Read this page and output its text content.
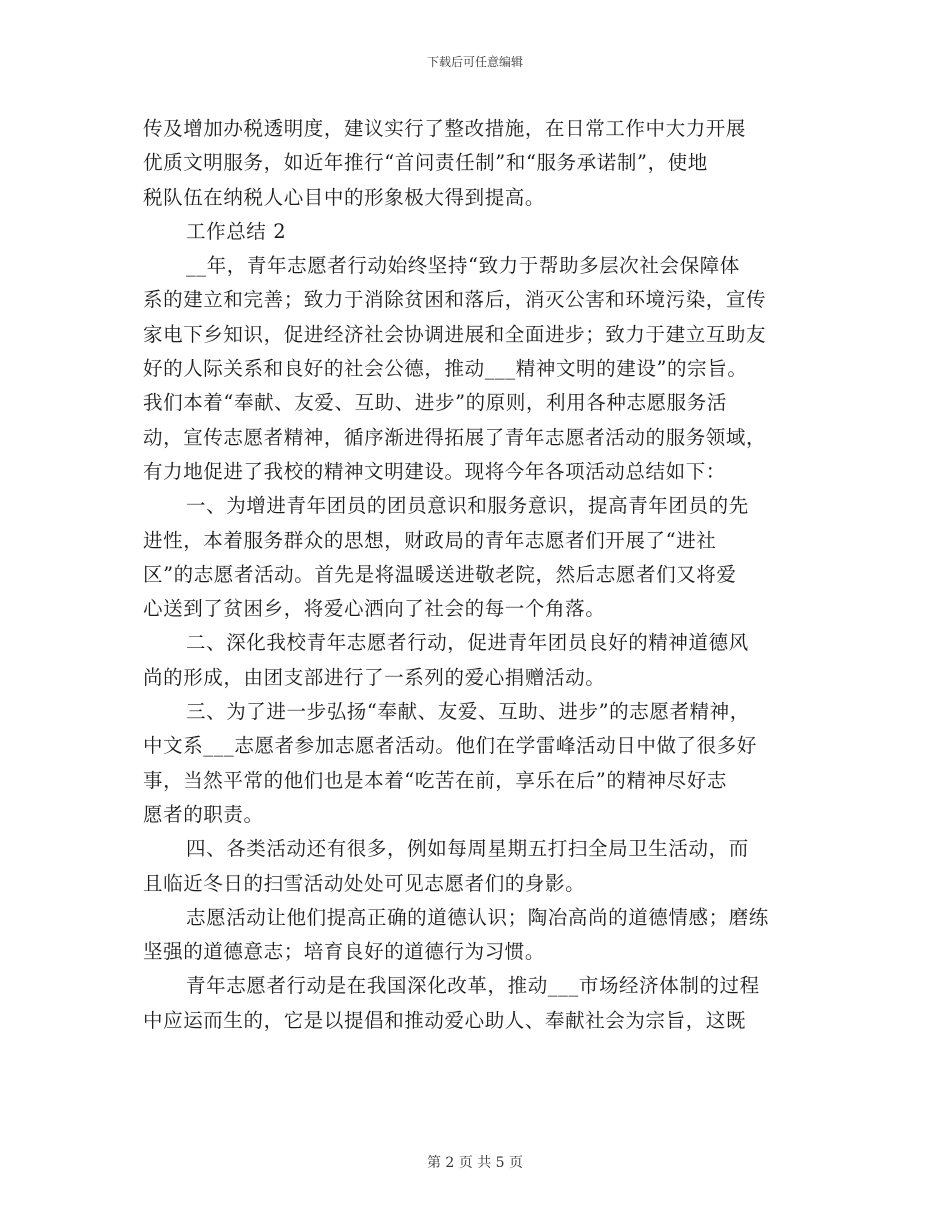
下载后可任意编辑
传及增加办税透明度，建议实行了整改措施，在日常工作中大力开展
优质文明服务，如近年推行“首问责任制”和“服务承诺制”，使地
税队伍在纳税人心目中的形象极大得到提高。
工作总结 2
__年，青年志愿者行动始终坚持“致力于帮助多层次社会保障体
系的建立和完善；致力于消除贫困和落后，消灭公害和环境污染，宣传
家电下乡知识，促进经济社会协调进展和全面进步；致力于建立互助友
好的人际关系和良好的社会公德，推动___精神文明的建设”的宗旨。
我们本着“奉献、友爱、互助、进步”的原则，利用各种志愿服务活
动，宣传志愿者精神，循序渐进得拓展了青年志愿者活动的服务领域，
有力地促进了我校的精神文明建设。现将今年各项活动总结如下：
一、为增进青年团员的团员意识和服务意识，提高青年团员的先
进性，本着服务群众的思想，财政局的青年志愿者们开展了“进社
区”的志愿者活动。首先是将温暖送进敬老院，然后志愿者们又将爱
心送到了贫困乡，将爱心洒向了社会的每一个角落。
二、深化我校青年志愿者行动，促进青年团员良好的精神道德风
尚的形成，由团支部进行了一系列的爱心捐赠活动。
三、为了进一步弘扬“奉献、友爱、互助、进步”的志愿者精神，
中文系___志愿者参加志愿者活动。他们在学雷峰活动日中做了很多好
事，当然平常的他们也是本着“吃苦在前，享乐在后”的精神尽好志
愿者的职责。
四、各类活动还有很多，例如每周星期五打扫全局卫生活动，而
且临近冬日的扫雪活动处处可见志愿者们的身影。
志愿活动让他们提高正确的道德认识；陶冶高尚的道德情感；磨练
坚强的道德意志；培育良好的道德行为习惯。
青年志愿者行动是在我国深化改革，推动___市场经济体制的过程
中应运而生的，它是以提倡和推动爱心助人、奉献社会为宗旨，这既
第 2 页 共 5 页
